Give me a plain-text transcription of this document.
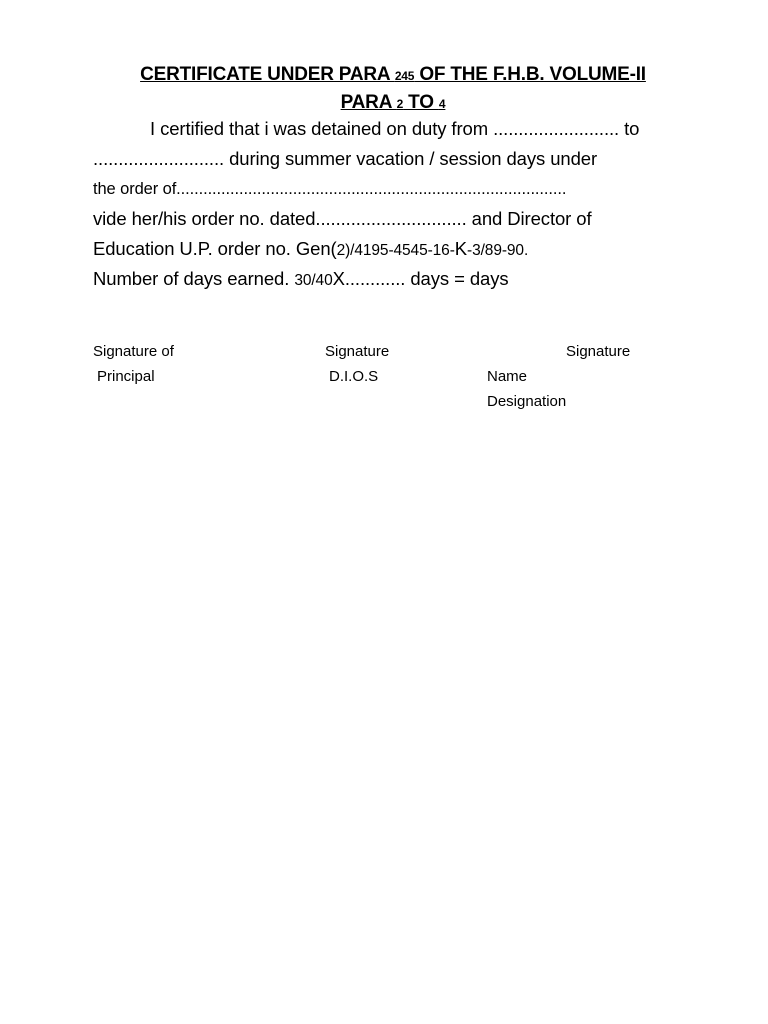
CERTIFICATE UNDER PARA 245 OF THE F.H.B. VOLUME-II
PARA 2 TO 4
I certified that i was detained on duty from ......................... to
.......................... during summer vacation / session days under
the order of.......................................................................................
vide her/his order no. dated.............................. and Director of
Education U.P. order no. Gen(2)/4195-4545-16-K-3/89-90.
Number of days earned. 30/40X............ days = days
Signature of
Principal
Signature
D.I.O.S
Signature
Name
Designation
